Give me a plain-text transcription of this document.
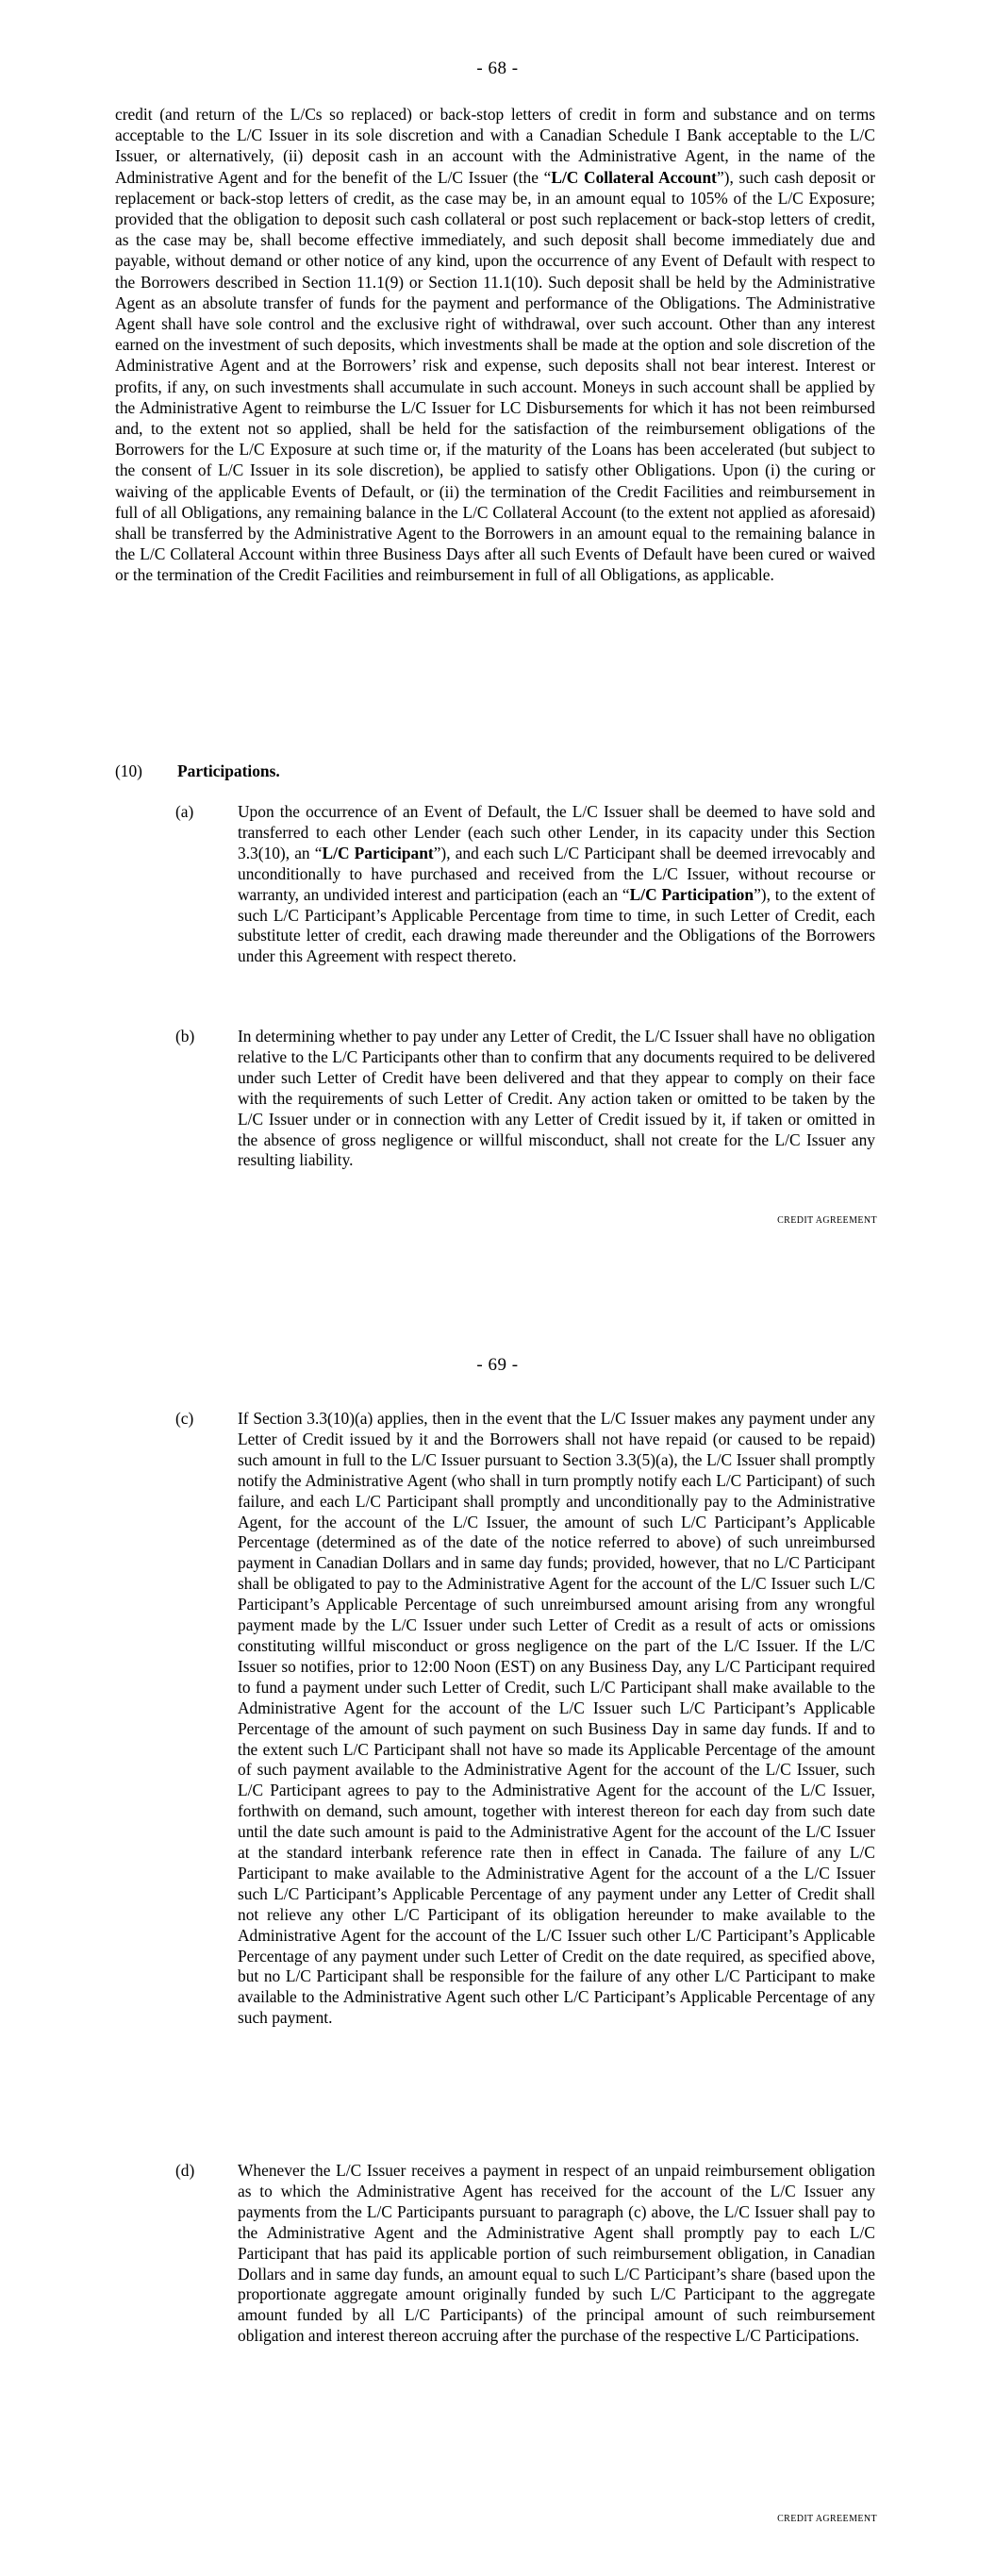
- 68 -
credit (and return of the L/Cs so replaced) or back-stop letters of credit in form and substance and on terms acceptable to the L/C Issuer in its sole discretion and with a Canadian Schedule I Bank acceptable to the L/C Issuer, or alternatively, (ii) deposit cash in an account with the Administrative Agent, in the name of the Administrative Agent and for the benefit of the L/C Issuer (the “L/C Collateral Account”), such cash deposit or replacement or back-stop letters of credit, as the case may be, in an amount equal to 105% of the L/C Exposure; provided that the obligation to deposit such cash collateral or post such replacement or back-stop letters of credit, as the case may be, shall become effective immediately, and such deposit shall become immediately due and payable, without demand or other notice of any kind, upon the occurrence of any Event of Default with respect to the Borrowers described in Section 11.1(9) or Section 11.1(10). Such deposit shall be held by the Administrative Agent as an absolute transfer of funds for the payment and performance of the Obligations. The Administrative Agent shall have sole control and the exclusive right of withdrawal, over such account. Other than any interest earned on the investment of such deposits, which investments shall be made at the option and sole discretion of the Administrative Agent and at the Borrowers’ risk and expense, such deposits shall not bear interest. Interest or profits, if any, on such investments shall accumulate in such account. Moneys in such account shall be applied by the Administrative Agent to reimburse the L/C Issuer for LC Disbursements for which it has not been reimbursed and, to the extent not so applied, shall be held for the satisfaction of the reimbursement obligations of the Borrowers for the L/C Exposure at such time or, if the maturity of the Loans has been accelerated (but subject to the consent of L/C Issuer in its sole discretion), be applied to satisfy other Obligations. Upon (i) the curing or waiving of the applicable Events of Default, or (ii) the termination of the Credit Facilities and reimbursement in full of all Obligations, any remaining balance in the L/C Collateral Account (to the extent not applied as aforesaid) shall be transferred by the Administrative Agent to the Borrowers in an amount equal to the remaining balance in the L/C Collateral Account within three Business Days after all such Events of Default have been cured or waived or the termination of the Credit Facilities and reimbursement in full of all Obligations, as applicable.
(10) Participations.
(a)	Upon the occurrence of an Event of Default, the L/C Issuer shall be deemed to have sold and transferred to each other Lender (each such other Lender, in its capacity under this Section 3.3(10), an “L/C Participant”), and each such L/C Participant shall be deemed irrevocably and unconditionally to have purchased and received from the L/C Issuer, without recourse or warranty, an undivided interest and participation (each an “L/C Participation”), to the extent of such L/C Participant’s Applicable Percentage from time to time, in such Letter of Credit, each substitute letter of credit, each drawing made thereunder and the Obligations of the Borrowers under this Agreement with respect thereto.
(b)	In determining whether to pay under any Letter of Credit, the L/C Issuer shall have no obligation relative to the L/C Participants other than to confirm that any documents required to be delivered under such Letter of Credit have been delivered and that they appear to comply on their face with the requirements of such Letter of Credit. Any action taken or omitted to be taken by the L/C Issuer under or in connection with any Letter of Credit issued by it, if taken or omitted in the absence of gross negligence or willful misconduct, shall not create for the L/C Issuer any resulting liability.
CREDIT AGREEMENT
- 69 -
CREDIT AGREEMENT
(c)	If Section 3.3(10)(a) applies, then in the event that the L/C Issuer makes any payment under any Letter of Credit issued by it and the Borrowers shall not have repaid (or caused to be repaid) such amount in full to the L/C Issuer pursuant to Section 3.3(5)(a), the L/C Issuer shall promptly notify the Administrative Agent (who shall in turn promptly notify each L/C Participant) of such failure, and each L/C Participant shall promptly and unconditionally pay to the Administrative Agent, for the account of the L/C Issuer, the amount of such L/C Participant’s Applicable Percentage (determined as of the date of the notice referred to above) of such unreimbursed payment in Canadian Dollars and in same day funds; provided, however, that no L/C Participant shall be obligated to pay to the Administrative Agent for the account of the L/C Issuer such L/C Participant’s Applicable Percentage of such unreimbursed amount arising from any wrongful payment made by the L/C Issuer under such Letter of Credit as a result of acts or omissions constituting willful misconduct or gross negligence on the part of the L/C Issuer. If the L/C Issuer so notifies, prior to 12:00 Noon (EST) on any Business Day, any L/C Participant required to fund a payment under such Letter of Credit, such L/C Participant shall make available to the Administrative Agent for the account of the L/C Issuer such L/C Participant’s Applicable Percentage of the amount of such payment on such Business Day in same day funds. If and to the extent such L/C Participant shall not have so made its Applicable Percentage of the amount of such payment available to the Administrative Agent for the account of the L/C Issuer, such L/C Participant agrees to pay to the Administrative Agent for the account of the L/C Issuer, forthwith on demand, such amount, together with interest thereon for each day from such date until the date such amount is paid to the Administrative Agent for the account of the L/C Issuer at the standard interbank reference rate then in effect in Canada. The failure of any L/C Participant to make available to the Administrative Agent for the account of a the L/C Issuer such L/C Participant’s Applicable Percentage of any payment under any Letter of Credit shall not relieve any other L/C Participant of its obligation hereunder to make available to the Administrative Agent for the account of the L/C Issuer such other L/C Participant’s Applicable Percentage of any payment under such Letter of Credit on the date required, as specified above, but no L/C Participant shall be responsible for the failure of any other L/C Participant to make available to the Administrative Agent such other L/C Participant’s Applicable Percentage of any such payment.
(d)	Whenever the L/C Issuer receives a payment in respect of an unpaid reimbursement obligation as to which the Administrative Agent has received for the account of the L/C Issuer any payments from the L/C Participants pursuant to paragraph (c) above, the L/C Issuer shall pay to the Administrative Agent and the Administrative Agent shall promptly pay to each L/C Participant that has paid its applicable portion of such reimbursement obligation, in Canadian Dollars and in same day funds, an amount equal to such L/C Participant’s share (based upon the proportionate aggregate amount originally funded by such L/C Participant to the aggregate amount funded by all L/C Participants) of the principal amount of such reimbursement obligation and interest thereon accruing after the purchase of the respective L/C Participations.
